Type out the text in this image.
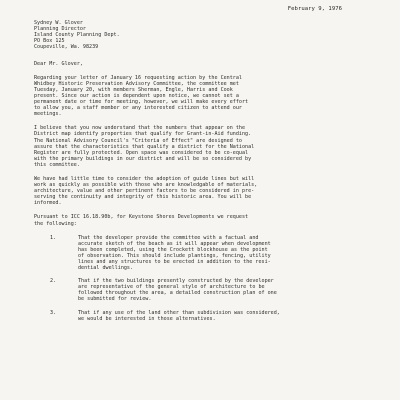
February 9, 1976
Sydney W. Glover
Planning Director
Island County Planning Dept.
PO Box 125
Coupeville, Wa. 98239
Dear Mr. Glover,
Regarding your letter of January 16 requesting action by the Central
Whidbey Historic Preservation Advisory Committee, the committee met
Tuesday, January 20, with members Sherman, Engle, Harris and Cook
present. Since our action is dependent upon notice, we cannot set a
permanent date or time for meeting, however, we will make every effort
to allow you, a staff member or any interested citizen to attend our
meetings.
I believe that you now understand that the numbers that appear on the
District map identify properties that qualify for Grant-in-Aid funding.
The National Advisory Council's "Criteria of Effect" are designed to
assure that the characteristics that qualify a district for the National
Register are fully protected. Open space was considered to be co-equal
with the primary buildings in our district and will be so considered by
this committee.
We have had little time to consider the adoption of guide lines but will
work as quickly as possible with those who are knowledgable of materials,
architecture, value and other pertinent factors to be considered in pre-
serving the continuity and integrity of this historic area. You will be
informed.
Pursuant to ICC 16.18.90b, for Keystone Shores Developments we request
the following:
1.	That the developer provide the committee with a factual and
accurate sketch of the beach as it will appear when development
has been completed, using the Crockett blockhouse as the point
of observation. This should include plantings, fencing, utility
lines and any structures to be erected in addition to the resi-
dential dwellings.
2.	That if the two buildings presently constructed by the developer
are representative of the general style of architecture to be
followed throughout the area, a detailed construction plan of one
be submitted for review.
3.	That if any use of the land other than subdivision was considered,
we would be interested in those alternatives.
